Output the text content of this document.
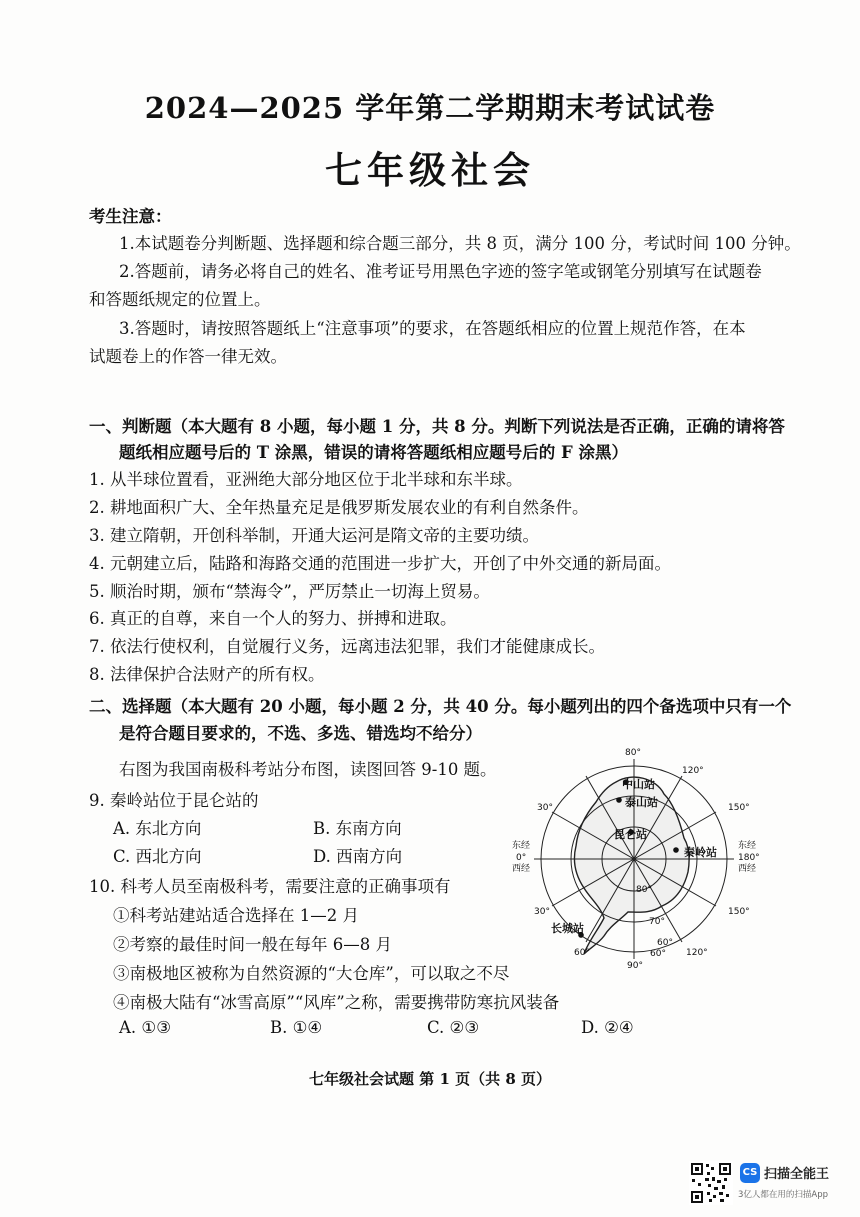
2024—2025 学年第二学期期末考试试卷
七年级社会
考生注意：
1.本试题卷分判断题、选择题和综合题三部分，共 8 页，满分 100 分，考试时间 100 分钟。
2.答题前，请务必将自己的姓名、准考证号用黑色字迹的签字笔或钢笔分别填写在试题卷
和答题纸规定的位置上。
3.答题时，请按照答题纸上“注意事项”的要求，在答题纸相应的位置上规范作答，在本
试题卷上的作答一律无效。
一、判断题（本大题有 8 小题，每小题 1 分，共 8 分。判断下列说法是否正确，正确的请将答
题纸相应题号后的 T 涂黑，错误的请将答题纸相应题号后的 F 涂黑）
1. 从半球位置看，亚洲绝大部分地区位于北半球和东半球。
2. 耕地面积广大、全年热量充足是俄罗斯发展农业的有利自然条件。
3. 建立隋朝，开创科举制，开通大运河是隋文帝的主要功绩。
4. 元朝建立后，陆路和海路交通的范围进一步扩大，开创了中外交通的新局面。
5. 顺治时期，颁布“禁海令”，严厉禁止一切海上贸易。
6. 真正的自尊，来自一个人的努力、拼搏和进取。
7. 依法行使权利，自觉履行义务，远离违法犯罪，我们才能健康成长。
8. 法律保护合法财产的所有权。
二、选择题（本大题有 20 小题，每小题 2 分，共 40 分。每小题列出的四个备选项中只有一个
是符合题目要求的，不选、多选、错选均不给分）
右图为我国南极科考站分布图，读图回答 9-10 题。
9. 秦岭站位于昆仑站的
A. 东北方向	B. 东南方向
C. 西北方向	D. 西南方向
10. 科考人员至南极科考，需要注意的正确事项有
①科考站建站适合选择在 1—2 月
②考察的最佳时间一般在每年 6—8 月
③南极地区被称为自然资源的“大仓库”，可以取之不尽
④南极大陆有“冰雪高原”“风库”之称，需要携带防寒抗风装备
A. ①③	B. ①④	C. ②③	D. ②④
80°
120°
150°
30°
东经
0°
西经
东经
180°
西经
30°	150°
60°
90°
60° 120°
80°
70°
60°
中山站
泰山站
昆仑站
秦岭站
长城站
七年级社会试题 第 1 页（共 8 页）
CS 扫描全能王
3亿人都在用的扫描App
